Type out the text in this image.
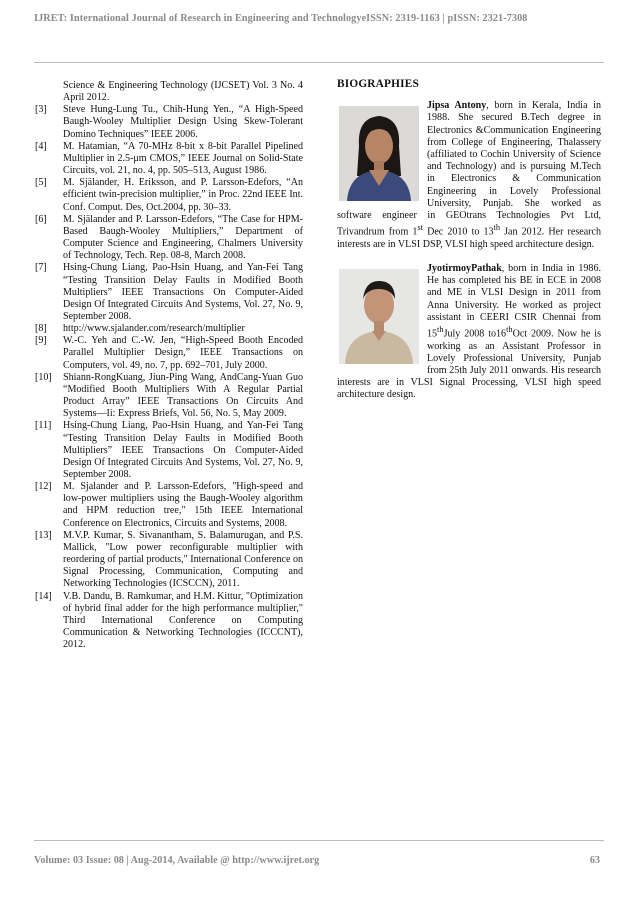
IJRET: International Journal of Research in Engineering and TechnologyeISSN: 2319-1163 | pISSN: 2321-7308
Science & Engineering Technology (IJCSET) Vol. 3 No. 4 April 2012.
[3] Steve Hung-Lung Tu., Chih-Hung Yen., “A High-Speed Baugh-Wooley Multiplier Design Using Skew-Tolerant Domino Techniques” IEEE 2006.
[4] M. Hatamian, “A 70-MHz 8-bit x 8-bit Parallel Pipelined Multiplier in 2.5-μm CMOS,” IEEE Journal on Solid-State Circuits, vol. 21, no. 4, pp. 505–513, August 1986.
[5] M. Själander, H. Eriksson, and P. Larsson-Edefors, “An efficient twin-precision multiplier,” in Proc. 22nd IEEE Int. Conf. Comput. Des, Oct.2004, pp. 30–33.
[6] M. Själander and P. Larsson-Edefors, “The Case for HPM-Based Baugh-Wooley Multipliers,” Department of Computer Science and Engineering, Chalmers University of Technology, Tech. Rep. 08-8, March 2008.
[7] Hsing-Chung Liang, Pao-Hsin Huang, and Yan-Fei Tang “Testing Transition Delay Faults in Modified Booth Multipliers” IEEE Transactions On Computer-Aided Design Of Integrated Circuits And Systems, Vol. 27, No. 9, September 2008.
[8] http://www.sjalander.com/research/multiplier
[9] W.-C. Yeh and C.-W. Jen, “High-Speed Booth Encoded Parallel Multiplier Design,” IEEE Transactions on Computers, vol. 49, no. 7, pp. 692–701, July 2000.
[10] Shiann-RongKuang, Jiun-Ping Wang, AndCang-Yuan Guo “Modified Booth Multipliers With A Regular Partial Product Array” IEEE Transactions On Circuits And Systems—Ii: Express Briefs, Vol. 56, No. 5, May 2009.
[11] Hsing-Chung Liang, Pao-Hsin Huang, and Yan-Fei Tang “Testing Transition Delay Faults in Modified Booth Multipliers” IEEE Transactions On Computer-Aided Design Of Integrated Circuits And Systems, Vol. 27, No. 9, September 2008.
[12] M. Sjalander and P. Larsson-Edefors, "High-speed and low-power multipliers using the Baugh-Wooley algorithm and HPM reduction tree," 15th IEEE International Conference on Electronics, Circuits and Systems, 2008.
[13] M.V.P. Kumar, S. Sivanantham, S. Balamurugan, and P.S. Mallick, "Low power reconfigurable multiplier with reordering of partial products," International Conference on Signal Processing, Communication, Computing and Networking Technologies (ICSCCN), 2011.
[14] V.B. Dandu, B. Ramkumar, and H.M. Kittur, "Optimization of hybrid final adder for the high performance multiplier," Third International Conference on Computing Communication & Networking Technologies (ICCCNT), 2012.
BIOGRAPHIES

Jipsa Antony, born in Kerala, India in 1988. She secured B.Tech degree in Electronics &Communication Engineering from College of Engineering, Thalassery (affiliated to Cochin University of Science and Technology) and is pursuing M.Tech in Electronics & Communication Engineering in Lovely Professional University, Punjab. She worked as software engineer in GEOtrans Technologies Pvt Ltd, Trivandrum from 1st Dec 2010 to 13th Jan 2012. Her research interests are in VLSI DSP, VLSI high speed architecture design.

JyotirmoyPathak, born in India in 1986. He has completed his BE in ECE in 2008 and ME in VLSI Design in 2011 from Anna University. He worked as project assistant in CEERI CSIR Chennai from 15thJuly 2008 to16thOct 2009. Now he is working as an Assistant Professor in Lovely Professional University, Punjab from 25th July 2011 onwards. His research interests are in VLSI Signal Processing, VLSI high speed architecture design.

Volume: 03 Issue: 08 | Aug-2014, Available @ http://www.ijret.org	63
